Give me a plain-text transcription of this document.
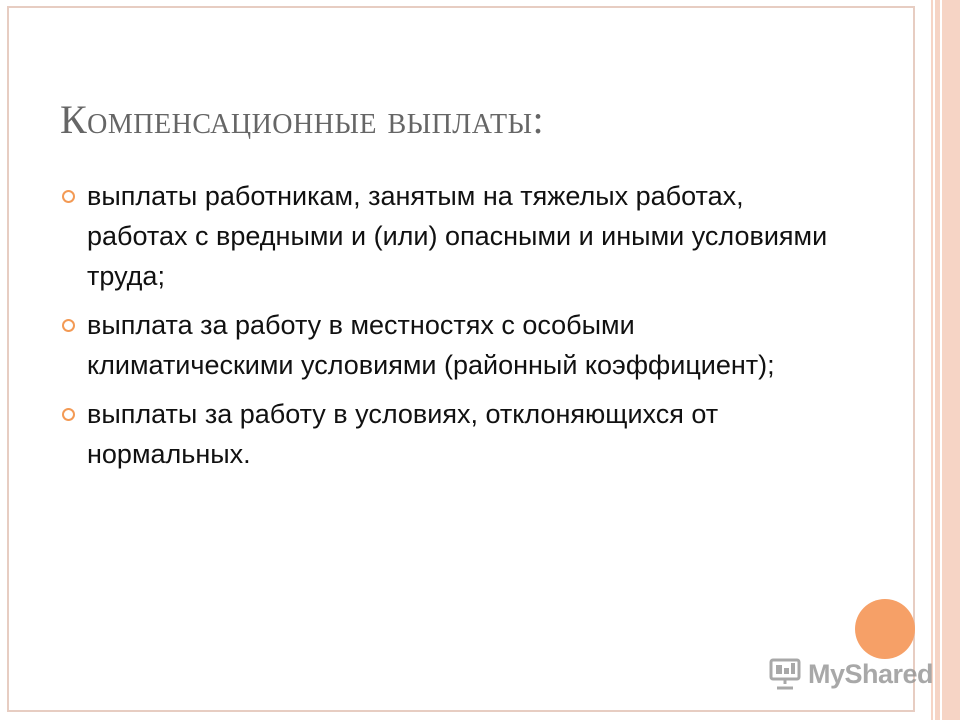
Компенсационные выплаты:
выплаты работникам, занятым на тяжелых работах, работах с вредными и (или) опасными и иными условиями труда;
выплата за работу в местностях с особыми климатическими условиями (районный коэффициент);
выплаты за работу в условиях, отклоняющихся от нормальных.
MyShared
